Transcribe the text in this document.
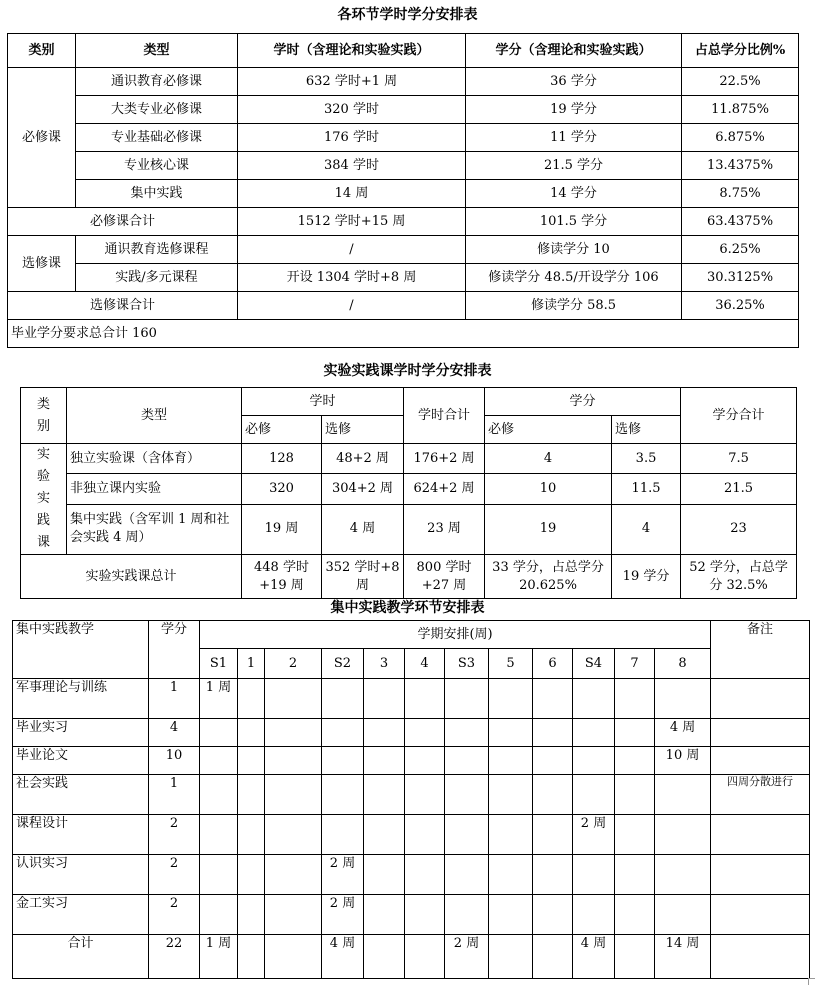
各环节学时学分安排表
类别	类型	学时（含理论和实验实践）	学分（含理论和实验实践）	占总学分比例%
必修课	通识教育必修课	632 学时+1 周	36 学分	22.5%
	大类专业必修课	320 学时	19 学分	11.875%
	专业基础必修课	176 学时	11 学分	6.875%
	专业核心课	384 学时	21.5 学分	13.4375%
	集中实践	14 周	14 学分	8.75%
必修课合计		1512 学时+15 周	101.5 学分	63.4375%
选修课	通识教育选修课程	/	修读学分 10	6.25%
	实践/多元课程	开设 1304 学时+8 周	修读学分 48.5/开设学分 106	30.3125%
选修课合计		/	修读学分 58.5	36.25%
毕业学分要求总合计 160				
实验实践课学时学分安排表
类别	类型	学时		学时合计	学分		学分合计
		必修	选修		必修	选修	
实验实践课	独立实验课（含体育）	128	48+2 周	176+2 周	4	3.5	7.5
	非独立课内实验	320	304+2 周	624+2 周	10	11.5	21.5
	集中实践（含军训 1 周和社会实践 4 周）	19 周	4 周	23 周	19	4	23
实验实践课总计		448 学时+19 周	352 学时+8 周	800 学时+27 周	33 学分，占总学分 20.625%	19 学分	52 学分，占总学分 32.5%
集中实践教学环节安排表
集中实践教学	学分	学期安排(周)												备注
		S1	1	2	S2	3	4	S3	5	6	S4	7	8	
军事理论与训练	1	1 周												
毕业实习	4												4 周	
毕业论文	10												10 周	
社会实践	1													四周分散进行
课程设计	2										2 周			
认识实习	2				2 周									
金工实习	2				2 周									
合计	22	1 周			4 周			2 周			4 周		14 周	
